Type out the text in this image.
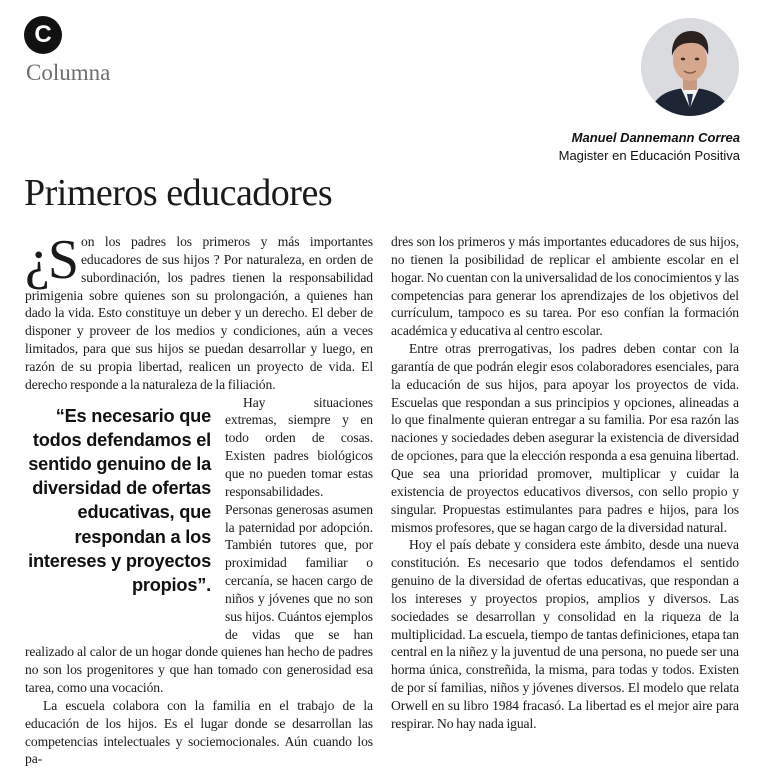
C
Columna
Manuel Dannemann Correa
Magister en Educación Positiva
Primeros educadores

¿S on los padres los primeros y más importantes educadores de sus hijos ? Por naturaleza, en orden de subordinación, los padres tienen la responsabilidad primigenia sobre quienes son su prolongación, a quienes han dado la vida. Esto constituye un deber y un derecho. El deber de disponer y proveer de los medios y condiciones, aún a veces limitados, para que sus hijos se puedan desarrollar y luego, en razón de su propia libertad, realicen un proyecto de vida. El derecho responde a la naturaleza de la filiación.

“Es necesario que todos defendamos el sentido genuino de la diversidad de ofertas educativas, que respondan a los intereses y proyectos propios”.

Hay situaciones extremas, siempre y en todo orden de cosas. Existen padres biológicos que no pueden tomar estas responsabilidades. Personas generosas asumen la paternidad por adopción. También tutores que, por proximidad familiar o cercanía, se hacen cargo de niños y jóvenes que no son sus hijos. Cuántos ejemplos de vidas que se han realizado al calor de un hogar donde quienes han hecho de padres no son los progenitores y que han tomado con generosidad esa tarea, como una vocación.

La escuela colabora con la familia en el trabajo de la educación de los hijos. Es el lugar donde se desarrollan las competencias intelectuales y sociemocionales. Aún cuando los pa-

dres son los primeros y más importantes educadores de sus hijos, no tienen la posibilidad de replicar el ambiente escolar en el hogar. No cuentan con la universalidad de los conocimientos y las competencias para generar los aprendizajes de los objetivos del currículum, tampoco es su tarea. Por eso confían la formación académica y educativa al centro escolar.

Entre otras prerrogativas, los padres deben contar con la garantía de que podrán elegir esos colaboradores esenciales, para la educación de sus hijos, para apoyar los proyectos de vida. Escuelas que respondan a sus principios y opciones, alineadas a lo que finalmente quieran entregar a su familia. Por esa razón las naciones y sociedades deben asegurar la existencia de diversidad de opciones, para que la elección responda a esa genuina libertad. Que sea una prioridad promover, multiplicar y cuidar la existencia de proyectos educativos diversos, con sello propio y singular. Propuestas estimulantes para padres e hijos, para los mismos profesores, que se hagan cargo de la diversidad natural.

Hoy el país debate y considera este ámbito, desde una nueva constitución. Es necesario que todos defendamos el sentido genuino de la diversidad de ofertas educativas, que respondan a los intereses y proyectos propios, amplios y diversos. Las sociedades se desarrollan y consolidad en la riqueza de la multiplicidad. La escuela, tiempo de tantas definiciones, etapa tan central en la niñez y la juventud de una persona, no puede ser una horma única, constreñida, la misma, para todas y todos. Existen de por sí familias, niños y jóvenes diversos. El modelo que relata Orwell en su libro 1984 fracasó. La libertad es el mejor aire para respirar. No hay nada igual.
